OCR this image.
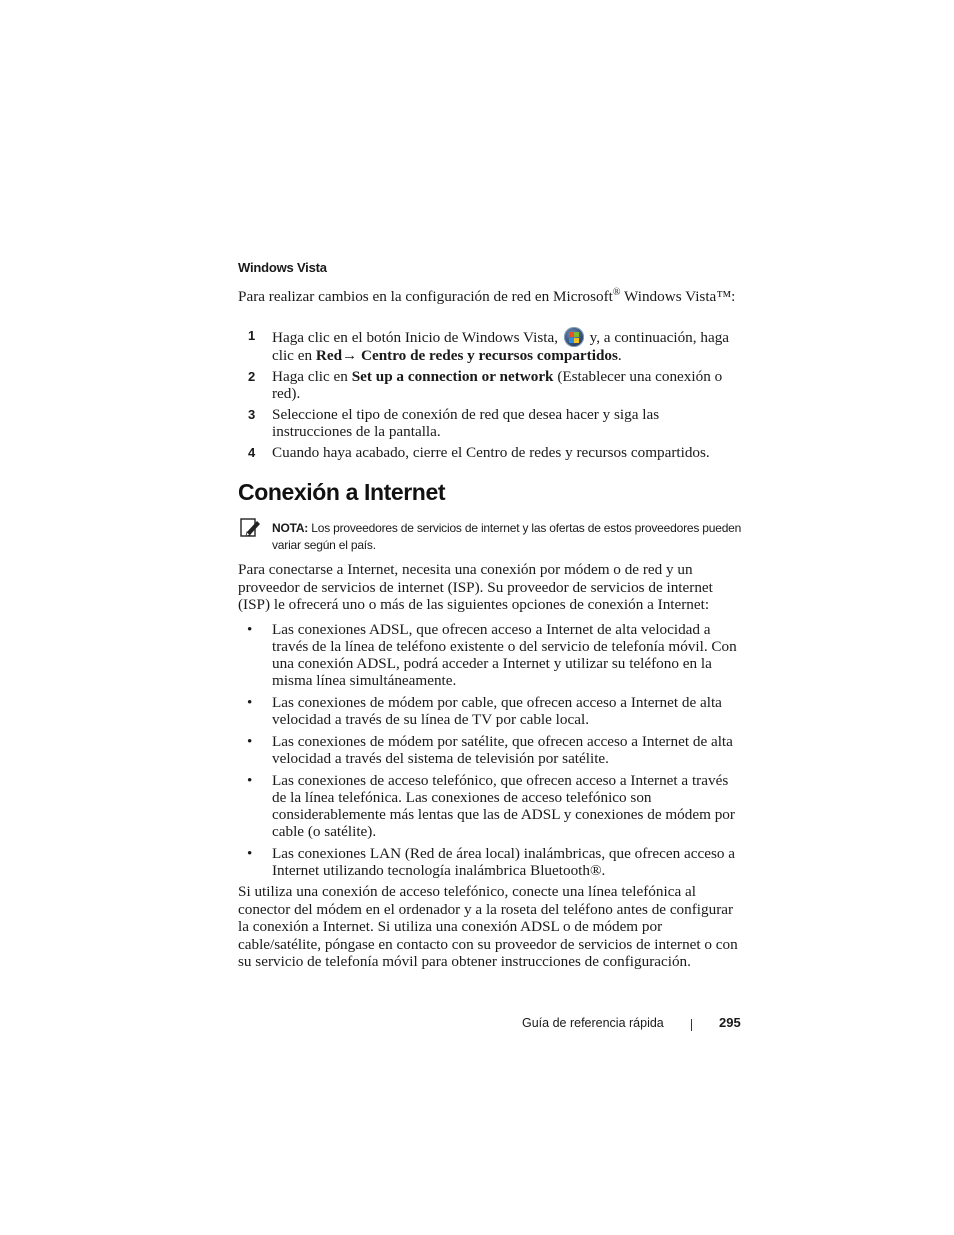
Windows Vista
Para realizar cambios en la configuración de red en Microsoft® Windows Vista™:
1 Haga clic en el botón Inicio de Windows Vista,
y, a continuación, haga clic en Red→ Centro de redes y recursos compartidos.
2 Haga clic en Set up a connection or network (Establecer una conexión o red).
3 Seleccione el tipo de conexión de red que desea hacer y siga las instrucciones de la pantalla.
4 Cuando haya acabado, cierre el Centro de redes y recursos compartidos.
Conexión a Internet
NOTA: Los proveedores de servicios de internet y las ofertas de estos proveedores pueden variar según el país.
Para conectarse a Internet, necesita una conexión por módem o de red y un proveedor de servicios de internet (ISP). Su proveedor de servicios de internet (ISP) le ofrecerá uno o más de las siguientes opciones de conexión a Internet:
• Las conexiones ADSL, que ofrecen acceso a Internet de alta velocidad a través de la línea de teléfono existente o del servicio de telefonía móvil. Con una conexión ADSL, podrá acceder a Internet y utilizar su teléfono en la misma línea simultáneamente.
• Las conexiones de módem por cable, que ofrecen acceso a Internet de alta velocidad a través de su línea de TV por cable local.
• Las conexiones de módem por satélite, que ofrecen acceso a Internet de alta velocidad a través del sistema de televisión por satélite.
• Las conexiones de acceso telefónico, que ofrecen acceso a Internet a través de la línea telefónica. Las conexiones de acceso telefónico son considerablemente más lentas que las de ADSL y conexiones de módem por cable (o satélite).
• Las conexiones LAN (Red de área local) inalámbricas, que ofrecen acceso a Internet utilizando tecnología inalámbrica Bluetooth®.
Si utiliza una conexión de acceso telefónico, conecte una línea telefónica al conector del módem en el ordenador y a la roseta del teléfono antes de configurar la conexión a Internet. Si utiliza una conexión ADSL o de módem por cable/satélite, póngase en contacto con su proveedor de servicios de internet o con su servicio de telefonía móvil para obtener instrucciones de configuración.
Guía de referencia rápida	295
